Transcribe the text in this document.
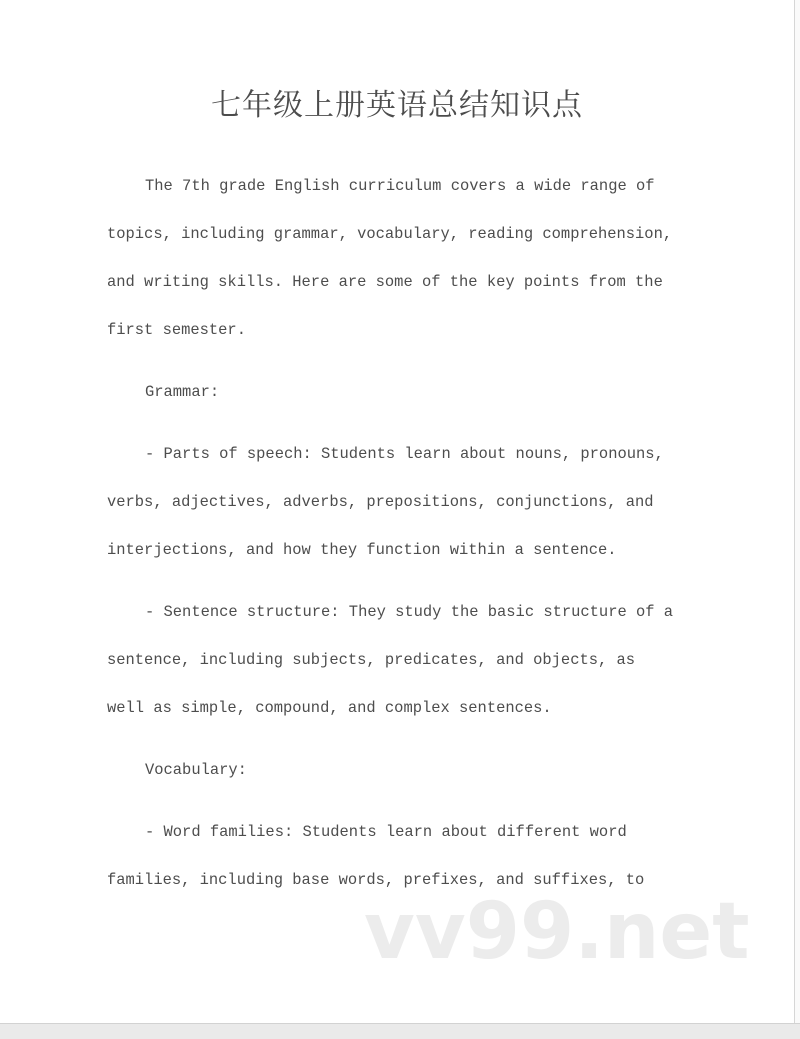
七年级上册英语总结知识点
vv99.net
The 7th grade English curriculum covers a wide range of
topics, including grammar, vocabulary, reading comprehension,
and writing skills. Here are some of the key points from the
first semester.
Grammar:
- Parts of speech: Students learn about nouns, pronouns,
verbs, adjectives, adverbs, prepositions, conjunctions, and
interjections, and how they function within a sentence.
- Sentence structure: They study the basic structure of a
sentence, including subjects, predicates, and objects, as
well as simple, compound, and complex sentences.
Vocabulary:
- Word families: Students learn about different word
families, including base words, prefixes, and suffixes, to
